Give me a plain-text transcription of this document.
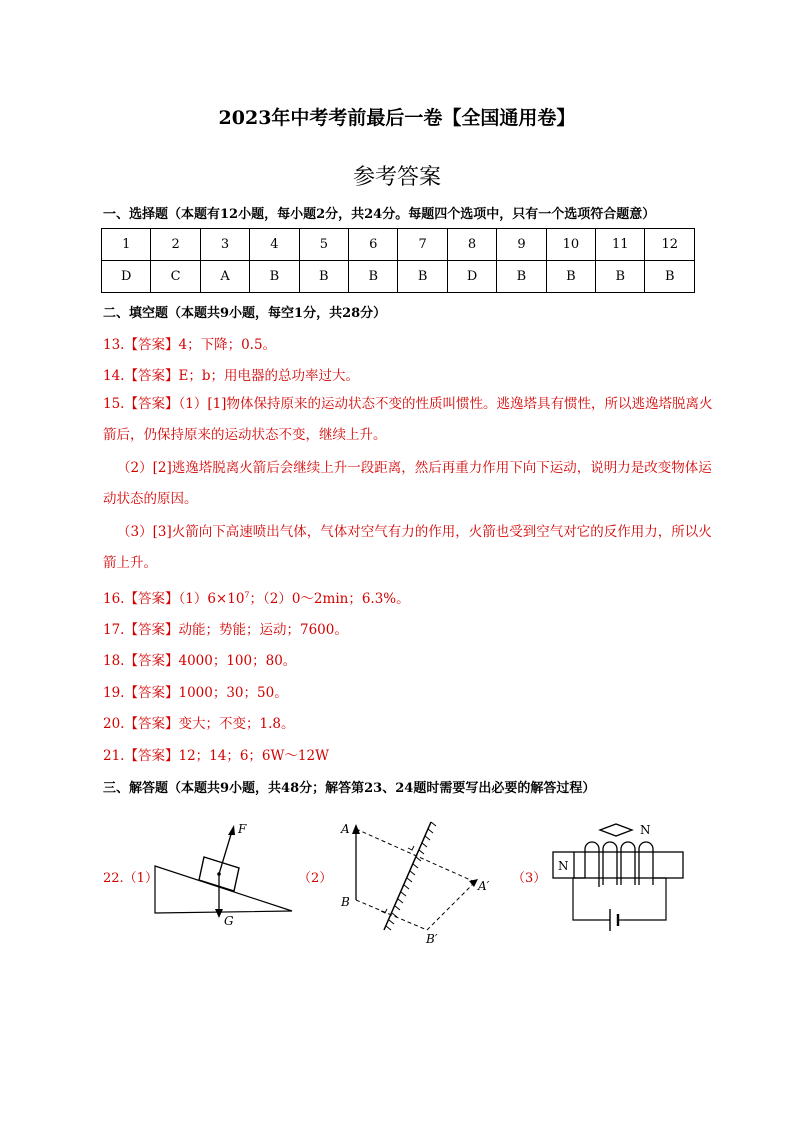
2023年中考考前最后一卷【全国通用卷】
参考答案
一、选择题（本题有12小题，每小题2分，共24分。每题四个选项中，只有一个选项符合题意）
1	2	3	4	5	6	7	8	9	10	11	12
D	C	A	B	B	B	B	D	B	B	B	B
二、填空题（本题共9小题，每空1分，共28分）
13.【答案】4；下降；0.5。
14.【答案】E；b；用电器的总功率过大。
15.【答案】（1）[1]物体保持原来的运动状态不变的性质叫惯性。逃逸塔具有惯性，所以逃逸塔脱离火箭后，仍保持原来的运动状态不变，继续上升。
（2）[2]逃逸塔脱离火箭后会继续上升一段距离，然后再重力作用下向下运动，说明力是改变物体运动状态的原因。
（3）[3]火箭向下高速喷出气体，气体对空气有力的作用，火箭也受到空气对它的反作用力，所以火箭上升。
16.【答案】$(1)6\times 10^7$；（2）0～2min；6.3%。
17.【答案】动能；势能；运动；7600。
18.【答案】4000；100；80。
19.【答案】1000；30；50。
20.【答案】变大；不变；1.8。
21.【答案】12；14；6；6W～12W
三、解答题（本题共9小题，共48分；解答第23、24题时需要写出必要的解答过程）
22.（1）	（2）	（3）
F
G
A
B
A′
B′
N
N
